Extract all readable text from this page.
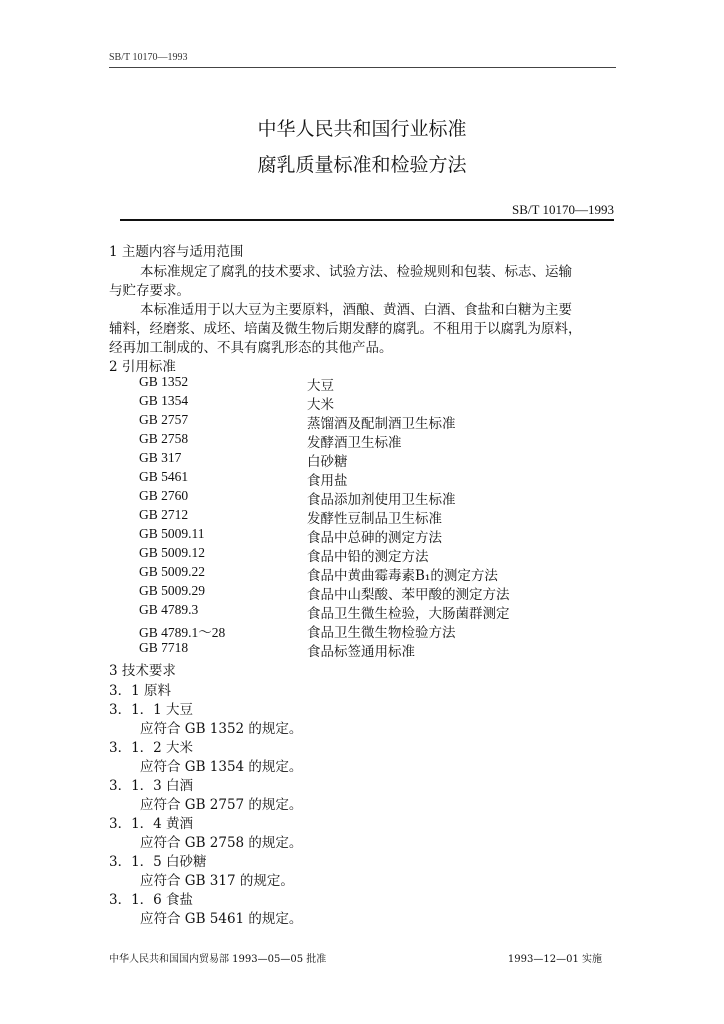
SB/T 10170—1993
中华人民共和国行业标准
腐乳质量标准和检验方法
SB/T 10170—1993
1 主题内容与适用范围
本标准规定了腐乳的技术要求、试验方法、检验规则和包装、标志、运输
与贮存要求。
本标准适用于以大豆为主要原料，酒酿、黄酒、白酒、食盐和白糖为主要
辅料，经磨浆、成坯、培菌及微生物后期发酵的腐乳。不租用于以腐乳为原料，
经再加工制成的、不具有腐乳形态的其他产品。
2 引用标准
GB 1352	大豆
GB 1354	大米
GB 2757	蒸馏酒及配制酒卫生标准
GB 2758	发酵酒卫生标准
GB 317	白砂糖
GB 5461	食用盐
GB 2760	食品添加剂使用卫生标准
GB 2712	发酵性豆制品卫生标准
GB 5009.11	食品中总砷的测定方法
GB 5009.12	食品中铅的测定方法
GB 5009.22	食品中黄曲霉毒素B₁的测定方法
GB 5009.29	食品中山梨酸、苯甲酸的测定方法
GB 4789.3	食品卫生微生检验，大肠菌群测定
GB 4789.1～28	食品卫生微生物检验方法
GB 7718	食品标签通用标准
3 技术要求
3．1 原料
3．1．1 大豆
应符合 GB 1352 的规定。
3．1．2 大米
应符合 GB 1354 的规定。
3．1．3 白酒
应符合 GB 2757 的规定。
3．1．4 黄酒
应符合 GB 2758 的规定。
3．1．5 白砂糖
应符合 GB 317 的规定。
3．1．6 食盐
应符合 GB 5461 的规定。
中华人民共和国国内贸易部 1993—05—05 批准	1993—12—01 实施
